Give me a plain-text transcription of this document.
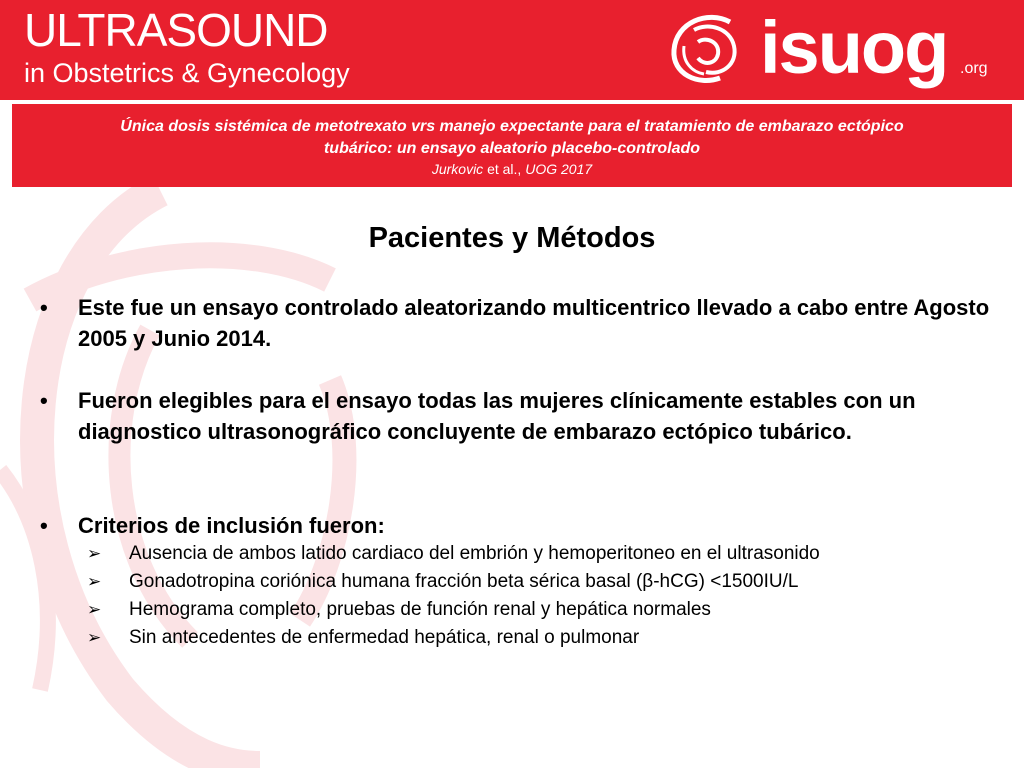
ULTRASOUND
in Obstetrics & Gynecology	isuog .org
Única dosis sistémica de metotrexato vrs manejo expectante para el tratamiento de embarazo ectópico
tubárico: un ensayo aleatorio placebo-controlado
Jurkovic et al., UOG 2017
Pacientes y Métodos
• Este fue un ensayo controlado aleatorizando multicentrico llevado a cabo entre Agosto 2005 y Junio 2014.
• Fueron elegibles para el ensayo todas las mujeres clínicamente estables con un diagnostico ultrasonográfico concluyente de embarazo ectópico tubárico.
• Criterios de inclusión fueron:
➢ Ausencia de ambos latido cardiaco del embrión y hemoperitoneo en el ultrasonido
➢ Gonadotropina coriónica humana fracción beta sérica basal (β-hCG) <1500IU/L
➢ Hemograma completo, pruebas de función renal y hepática normales
➢ Sin antecedentes de enfermedad hepática, renal o pulmonar
